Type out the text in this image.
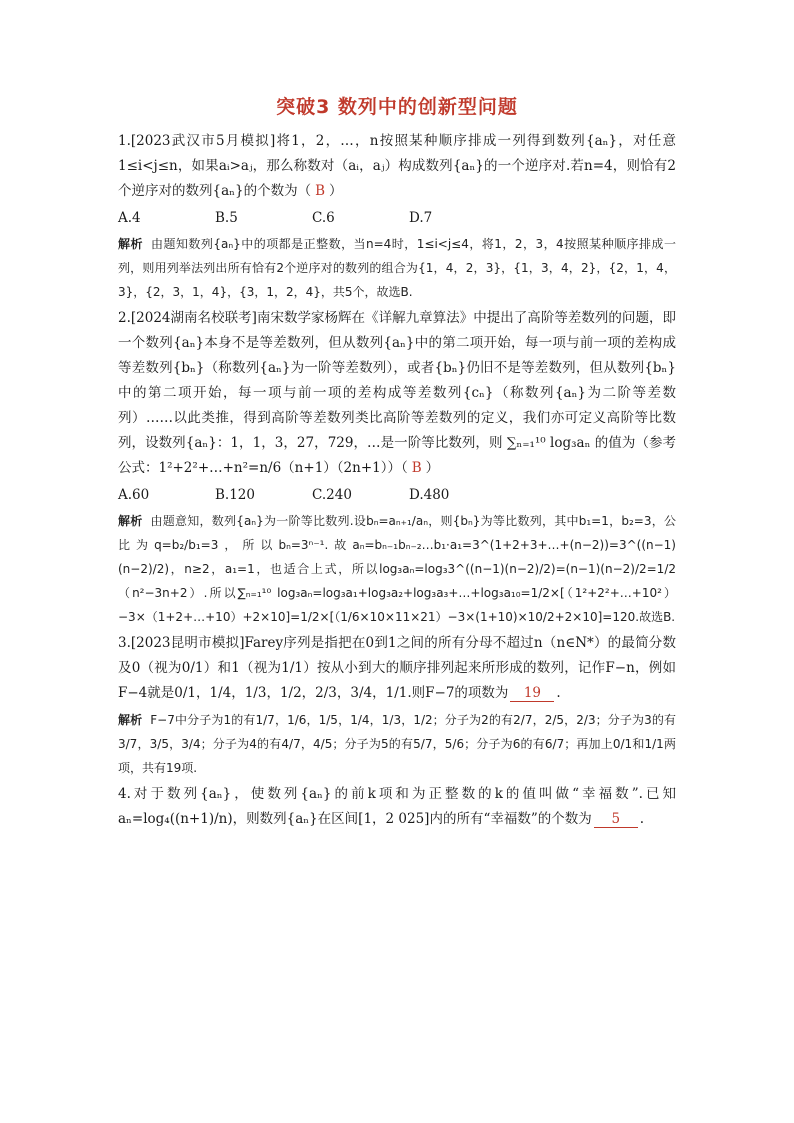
突破3 数列中的创新型问题

1.[2023武汉市5月模拟]将1，2，…，n按照某种顺序排成一列得到数列{aₙ}，对任意1≤i<j≤n，如果aᵢ>aⱼ，那么称数对（aᵢ，aⱼ）构成数列{aₙ}的一个逆序对.若n=4，则恰有2个逆序对的数列{aₙ}的个数为（ B ）

A.4	B.5	C.6	D.7

解析 由题知数列{aₙ}中的项都是正整数，当n=4时，1≤i<j≤4，将1，2，3，4按照某种顺序排成一列，则用列举法列出所有恰有2个逆序对的数列的组合为{1，4，2，3}，{1，3，4，2}，{2，1，4，3}，{2，3，1，4}，{3，1，2，4}，共5个，故选B.

2.[2024湖南名校联考]南宋数学家杨辉在《详解九章算法》中提出了高阶等差数列的问题，即一个数列{aₙ}本身不是等差数列，但从数列{aₙ}中的第二项开始，每一项与前一项的差构成等差数列{bₙ}（称数列{aₙ}为一阶等差数列），或者{bₙ}仍旧不是等差数列，但从数列{bₙ}中的第二项开始，每一项与前一项的差构成等差数列{cₙ}（称数列{aₙ}为二阶等差数列）……以此类推，得到高阶等差数列类比高阶等差数列的定义，我们亦可定义高阶等比数列，设数列{aₙ}：1，1，3，27，729，…是一阶等比数列，则 ∑ₙ₌₁¹⁰ log₃aₙ 的值为（参考公式：1²+2²+…+n²=n/6（n+1）（2n+1））（ B ）

A.60	B.120	C.240	D.480

解析 由题意知，数列{aₙ}为一阶等比数列.设bₙ=aₙ₊₁/aₙ，则{bₙ}为等比数列，其中b₁=1，b₂=3，公比为q=b₂/b₁=3，所以bₙ=3ⁿ⁻¹.故aₙ=bₙ₋₁bₙ₋₂…b₁·a₁=3^(1+2+3+…+(n−2))=3^((n−1)(n−2)/2)，n≥2，a₁=1，也适合上式，所以log₃aₙ=log₃3^((n−1)(n−2)/2)=(n−1)(n−2)/2=1/2（n²−3n+2）.所以∑ₙ₌₁¹⁰ log₃aₙ=log₃a₁+log₃a₂+log₃a₃+…+log₃a₁₀=1/2×[（1²+2²+…+10²）−3×（1+2+…+10）+2×10]=1/2×[（1/6×10×11×21）−3×(1+10)×10/2+2×10]=120.故选B.

3.[2023昆明市模拟]Farey序列是指把在0到1之间的所有分母不超过n（n∈N*）的最简分数及0（视为0/1）和1（视为1/1）按从小到大的顺序排列起来所形成的数列，记作F−n，例如F−4就是0/1，1/4，1/3，1/2，2/3，3/4，1/1.则F−7的项数为 19 .

解析 F−7中分子为1的有1/7，1/6，1/5，1/4，1/3，1/2；分子为2的有2/7，2/5，2/3；分子为3的有3/7，3/5，3/4；分子为4的有4/7，4/5；分子为5的有5/7，5/6；分子为6的有6/7；再加上0/1和1/1两项，共有19项.

4.对于数列{aₙ}，使数列{aₙ}的前k项和为正整数的k的值叫做“幸福数”.已知aₙ=log₄((n+1)/n)，则数列{aₙ}在区间[1，2 025]内的所有“幸福数”的个数为 5 .
